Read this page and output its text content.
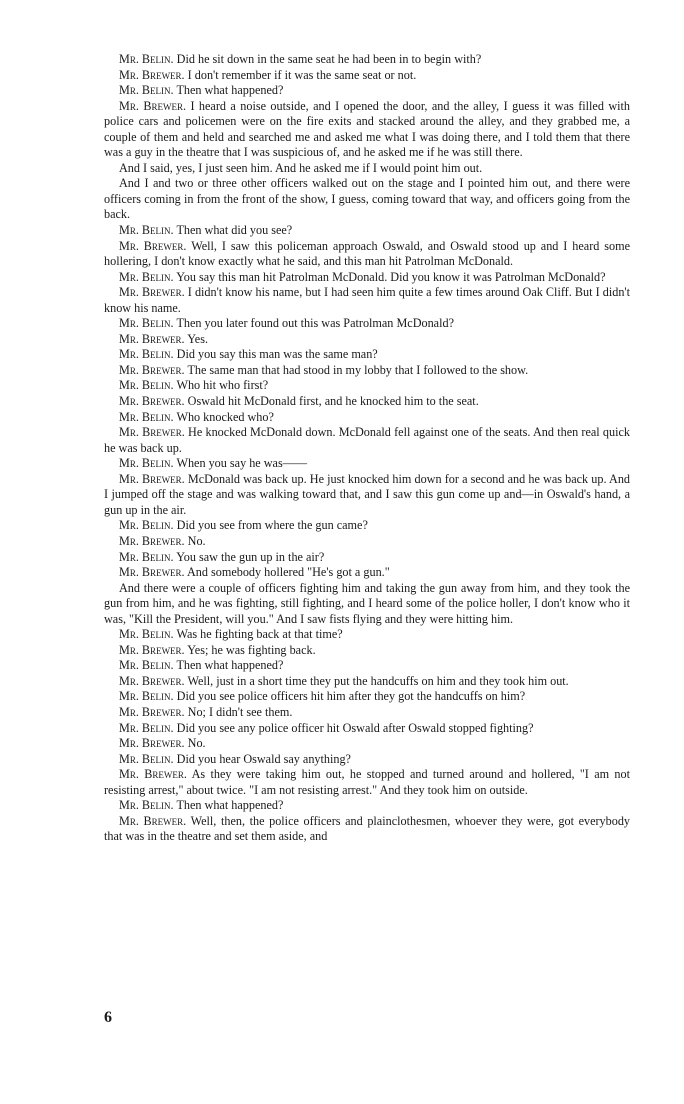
Mr. Belin. Did he sit down in the same seat he had been in to begin with?

Mr. Brewer. I don't remember if it was the same seat or not.

Mr. Belin. Then what happened?

Mr. Brewer. I heard a noise outside, and I opened the door, and the alley, I guess it was filled with police cars and policemen were on the fire exits and stacked around the alley, and they grabbed me, a couple of them and held and searched me and asked me what I was doing there, and I told them that there was a guy in the theatre that I was suspicious of, and he asked me if he was still there.

And I said, yes, I just seen him. And he asked me if I would point him out.

And I and two or three other officers walked out on the stage and I pointed him out, and there were officers coming in from the front of the show, I guess, coming toward that way, and officers going from the back.

Mr. Belin. Then what did you see?

Mr. Brewer. Well, I saw this policeman approach Oswald, and Oswald stood up and I heard some hollering, I don't know exactly what he said, and this man hit Patrolman McDonald.

Mr. Belin. You say this man hit Patrolman McDonald. Did you know it was Patrolman McDonald?

Mr. Brewer. I didn't know his name, but I had seen him quite a few times around Oak Cliff. But I didn't know his name.

Mr. Belin. Then you later found out this was Patrolman McDonald?

Mr. Brewer. Yes.

Mr. Belin. Did you say this man was the same man?

Mr. Brewer. The same man that had stood in my lobby that I followed to the show.

Mr. Belin. Who hit who first?

Mr. Brewer. Oswald hit McDonald first, and he knocked him to the seat.

Mr. Belin. Who knocked who?

Mr. Brewer. He knocked McDonald down. McDonald fell against one of the seats. And then real quick he was back up.

Mr. Belin. When you say he was——

Mr. Brewer. McDonald was back up. He just knocked him down for a second and he was back up. And I jumped off the stage and was walking toward that, and I saw this gun come up and—in Oswald's hand, a gun up in the air.

Mr. Belin. Did you see from where the gun came?

Mr. Brewer. No.

Mr. Belin. You saw the gun up in the air?

Mr. Brewer. And somebody hollered "He's got a gun."

And there were a couple of officers fighting him and taking the gun away from him, and they took the gun from him, and he was fighting, still fighting, and I heard some of the police holler, I don't know who it was, "Kill the President, will you." And I saw fists flying and they were hitting him.

Mr. Belin. Was he fighting back at that time?

Mr. Brewer. Yes; he was fighting back.

Mr. Belin. Then what happened?

Mr. Brewer. Well, just in a short time they put the handcuffs on him and they took him out.

Mr. Belin. Did you see police officers hit him after they got the handcuffs on him?

Mr. Brewer. No; I didn't see them.

Mr. Belin. Did you see any police officer hit Oswald after Oswald stopped fighting?

Mr. Brewer. No.

Mr. Belin. Did you hear Oswald say anything?

Mr. Brewer. As they were taking him out, he stopped and turned around and hollered, "I am not resisting arrest," about twice. "I am not resisting arrest." And they took him on outside.

Mr. Belin. Then what happened?

Mr. Brewer. Well, then, the police officers and plainclothesmen, whoever they were, got everybody that was in the theatre and set them aside, and

6
